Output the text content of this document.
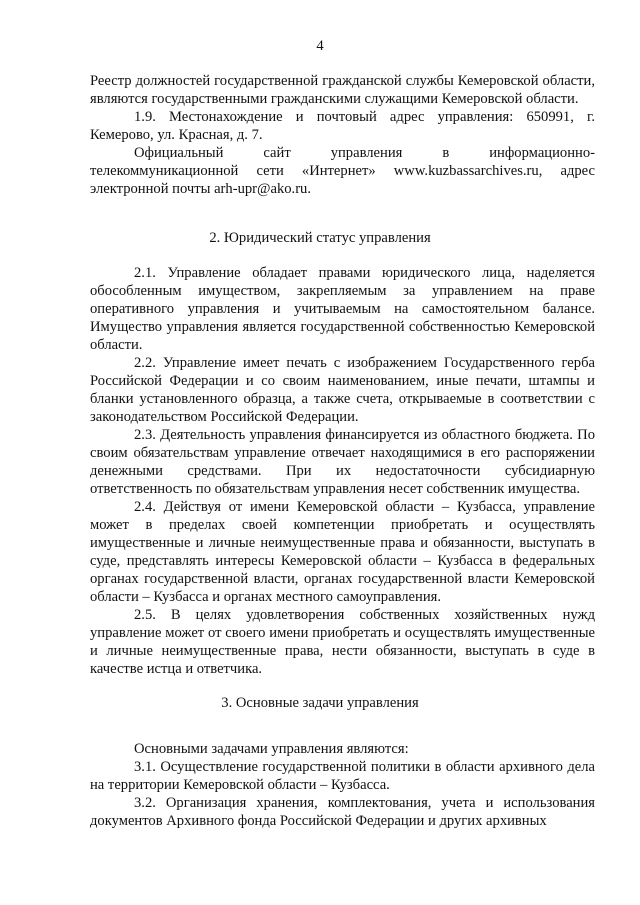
4

Реестр должностей государственной гражданской службы Кемеровской области, являются государственными гражданскими служащими Кемеровской области.

1.9. Местонахождение и почтовый адрес управления: 650991, г. Кемерово, ул. Красная, д. 7.

Официальный сайт управления в информационно-телекоммуникационной сети «Интернет» www.kuzbassarchives.ru, адрес электронной почты arh-upr@ako.ru.

2. Юридический статус управления

2.1. Управление обладает правами юридического лица, наделяется обособленным имуществом, закрепляемым за управлением на праве оперативного управления и учитываемым на самостоятельном балансе. Имущество управления является государственной собственностью Кемеровской области.

2.2. Управление имеет печать с изображением Государственного герба Российской Федерации и со своим наименованием, иные печати, штампы и бланки установленного образца, а также счета, открываемые в соответствии с законодательством Российской Федерации.

2.3. Деятельность управления финансируется из областного бюджета. По своим обязательствам управление отвечает находящимися в его распоряжении денежными средствами. При их недостаточности субсидиарную ответственность по обязательствам управления несет собственник имущества.

2.4. Действуя от имени Кемеровской области – Кузбасса, управление может в пределах своей компетенции приобретать и осуществлять имущественные и личные неимущественные права и обязанности, выступать в суде, представлять интересы Кемеровской области – Кузбасса в федеральных органах государственной власти, органах государственной власти Кемеровской области – Кузбасса и органах местного самоуправления.

2.5. В целях удовлетворения собственных хозяйственных нужд управление может от своего имени приобретать и осуществлять имущественные и личные неимущественные права, нести обязанности, выступать в суде в качестве истца и ответчика.

3. Основные задачи управления

Основными задачами управления являются:

3.1. Осуществление государственной политики в области архивного дела на территории Кемеровской области – Кузбасса.

3.2. Организация хранения, комплектования, учета и использования документов Архивного фонда Российской Федерации и других архивных
